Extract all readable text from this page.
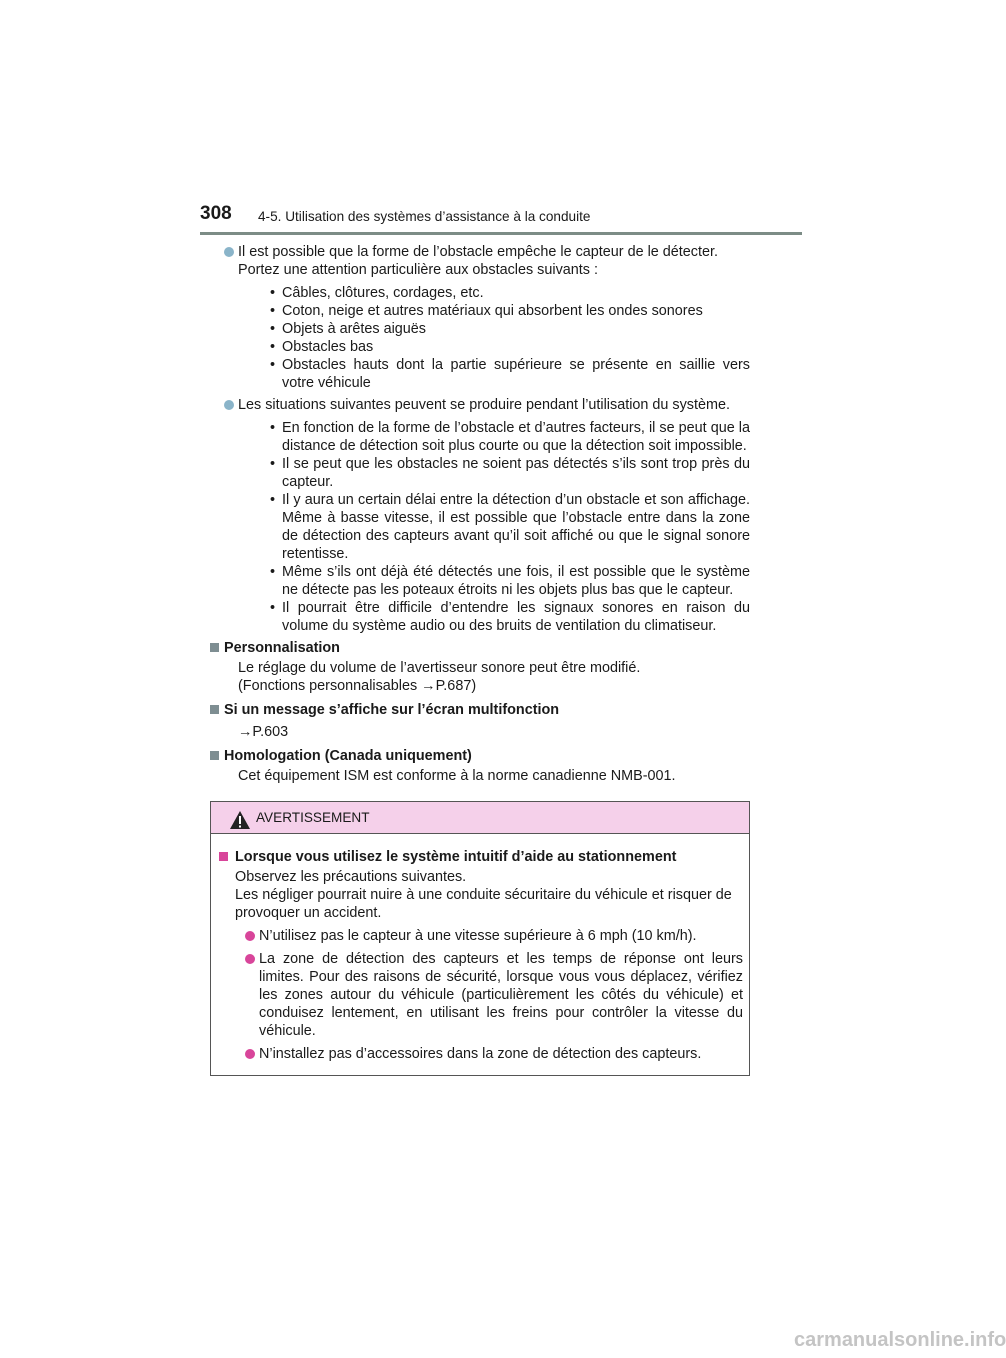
308 4-5. Utilisation des systèmes d’assistance à la conduite
Il est possible que la forme de l’obstacle empêche le capteur de le détecter. Portez une attention particulière aux obstacles suivants :
• Câbles, clôtures, cordages, etc.
• Coton, neige et autres matériaux qui absorbent les ondes sonores
• Objets à arêtes aiguës
• Obstacles bas
• Obstacles hauts dont la partie supérieure se présente en saillie vers votre véhicule
Les situations suivantes peuvent se produire pendant l’utilisation du système.
• En fonction de la forme de l’obstacle et d’autres facteurs, il se peut que la distance de détection soit plus courte ou que la détection soit impossible.
• Il se peut que les obstacles ne soient pas détectés s’ils sont trop près du capteur.
• Il y aura un certain délai entre la détection d’un obstacle et son affichage. Même à basse vitesse, il est possible que l’obstacle entre dans la zone de détection des capteurs avant qu’il soit affiché ou que le signal sonore retentisse.
• Même s’ils ont déjà été détectés une fois, il est possible que le système ne détecte pas les poteaux étroits ni les objets plus bas que le capteur.
• Il pourrait être difficile d’entendre les signaux sonores en raison du volume du système audio ou des bruits de ventilation du climatiseur.
Personnalisation
Le réglage du volume de l’avertisseur sonore peut être modifié.
(Fonctions personnalisables →P.687)
Si un message s’affiche sur l’écran multifonction
→P.603
Homologation (Canada uniquement)
Cet équipement ISM est conforme à la norme canadienne NMB-001.
AVERTISSEMENT
Lorsque vous utilisez le système intuitif d’aide au stationnement
Observez les précautions suivantes.
Les négliger pourrait nuire à une conduite sécuritaire du véhicule et risquer de provoquer un accident.
N’utilisez pas le capteur à une vitesse supérieure à 6 mph (10 km/h).
La zone de détection des capteurs et les temps de réponse ont leurs limites. Pour des raisons de sécurité, lorsque vous vous déplacez, vérifiez les zones autour du véhicule (particulièrement les côtés du véhicule) et conduisez lentement, en utilisant les freins pour contrôler la vitesse du véhicule.
N’installez pas d’accessoires dans la zone de détection des capteurs.
carmanualsonline.info
